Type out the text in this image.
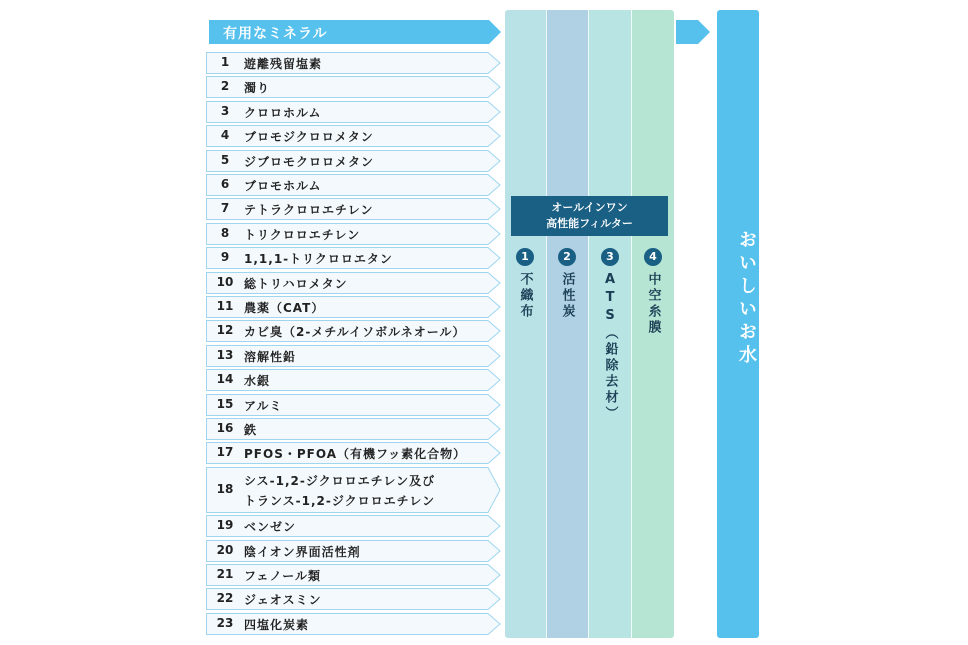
有用なミネラル
1	遊離残留塩素
2	濁り
3	クロロホルム
4	ブロモジクロロメタン
5	ジブロモクロロメタン
6	ブロモホルム
7	テトラクロロエチレン
8	トリクロロエチレン
9	1,1,1-トリクロロエタン
10 総トリハロメタン
11 農薬（CAT）
12 カビ臭（2-メチルイソボルネオール）
13 溶解性鉛
14 水銀
15 アルミ
16 鉄
17 PFOS・PFOA（有機フッ素化合物）
18
シス-1,2-ジクロロエチレン及び
トランス-1,2-ジクロロエチレン
19 ベンゼン
20 陰イオン界面活性剤
21 フェノール類
22 ジェオスミン
23 四塩化炭素
オールインワン
高性能フィルター
1
不織布
2
活性炭
3
ATS（鉛除去材）
4
中空糸膜	おいしいお水
